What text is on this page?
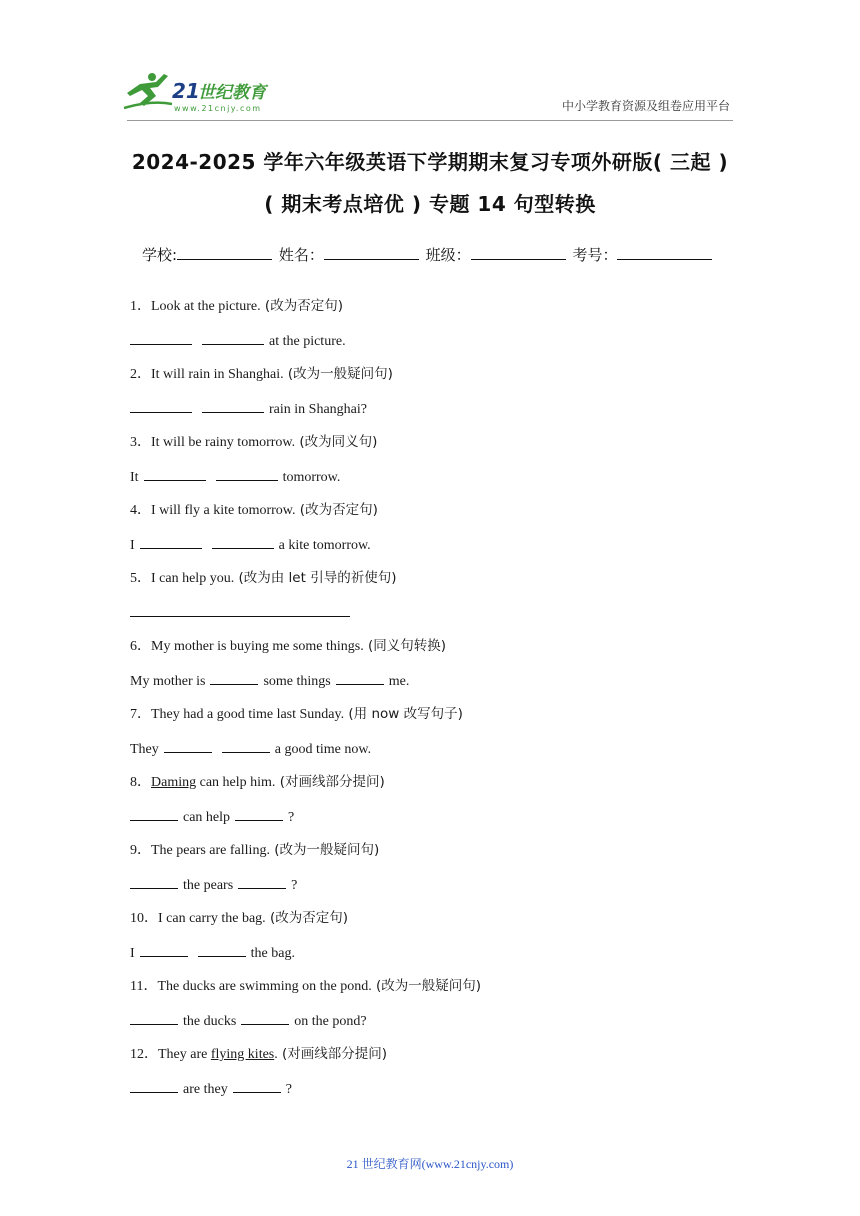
21
世纪教育
www.21cnjy.com	中小学教育资源及组卷应用平台
2024-2025 学年六年级英语下学期期末复习专项外研版( 三起 )
( 期末考点培优 ) 专题 14 句型转换
学校:	姓名：	班级：	考号：
1．Look at the picture. (改为否定句)
at the picture.
2．It will rain in Shanghai. (改为一般疑问句)
rain in Shanghai?
3．It will be rainy tomorrow. (改为同义句)
It	tomorrow.
4．I will fly a kite tomorrow. (改为否定句)
I	a kite tomorrow.
5．I can help you. (改为由 let 引导的祈使句)
6．My mother is buying me some things. (同义句转换)
My mother is	some things	me.
7．They had a good time last Sunday. (用 now 改写句子)
They	a good time now.
8．Daming can help him. (对画线部分提问)
can help	?
9．The pears are falling. (改为一般疑问句)
the pears	?
10．I can carry the bag. (改为否定句)
I	the bag.
11．The ducks are swimming on the pond. (改为一般疑问句)
the ducks	on the pond?
12．They are flying kites. (对画线部分提问)
are they	?
21 世纪教育网(www.21cnjy.com)
